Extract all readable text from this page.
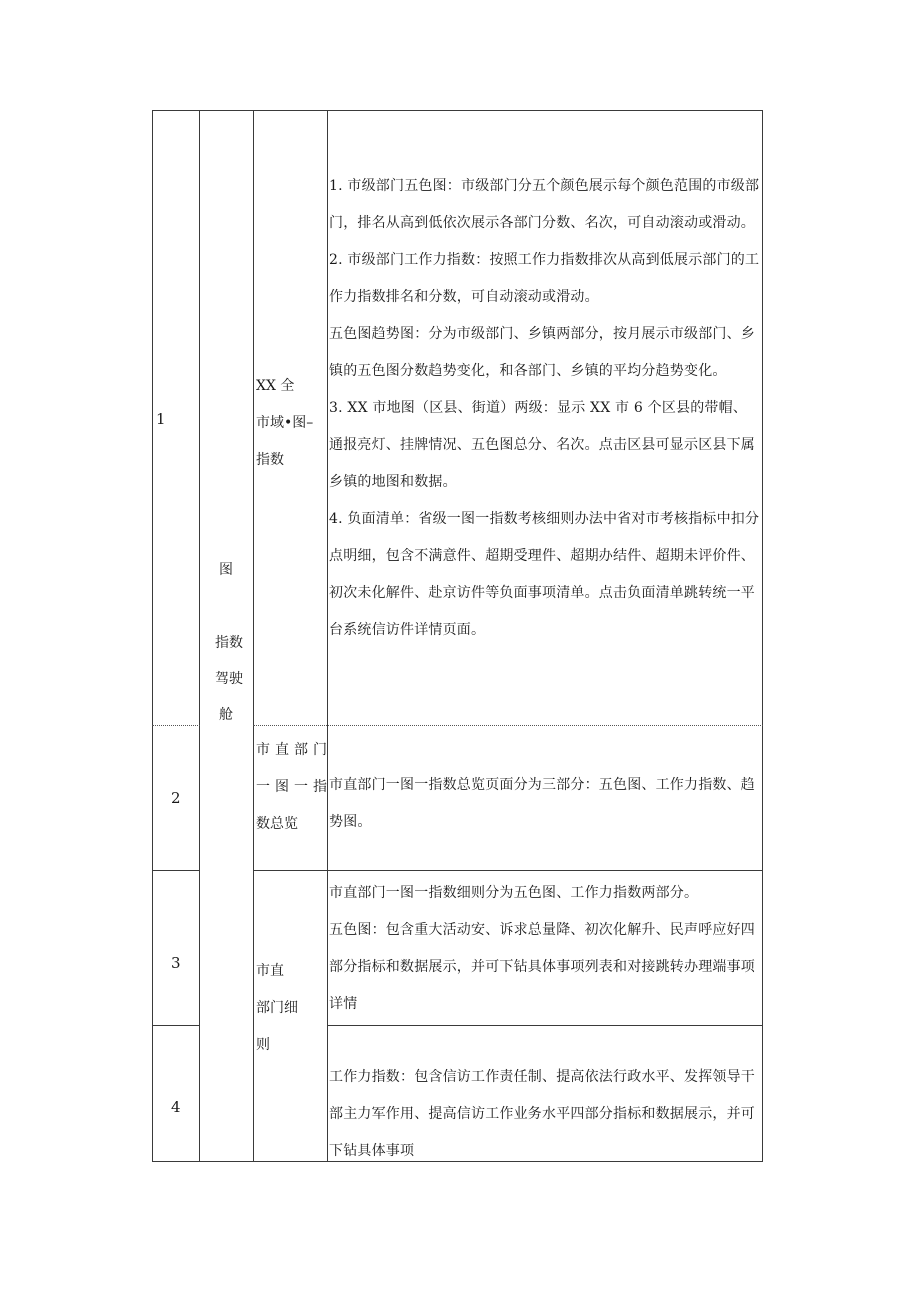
1
2
3
4
图
指数
驾驶
舱
XX 全
市域•图–
指数
市直部门
一图一指
数总览
市直
部门细
则

1. 市级部门五色图：市级部门分五个颜色展示每个颜色范围的市级部门，排名从高到低依次展示各部门分数、名次，可自动滚动或滑动。

2. 市级部门工作力指数：按照工作力指数排次从高到低展示部门的工作力指数排名和分数，可自动滚动或滑动。

五色图趋势图：分为市级部门、乡镇两部分，按月展示市级部门、乡镇的五色图分数趋势变化，和各部门、乡镇的平均分趋势变化。

3. XX 市地图（区县、街道）两级：显示 XX 市 6 个区县的带帽、通报亮灯、挂牌情况、五色图总分、名次。点击区县可显示区县下属乡镇的地图和数据。

4. 负面清单：省级一图一指数考核细则办法中省对市考核指标中扣分点明细，包含不满意件、超期受理件、超期办结件、超期未评价件、初次未化解件、赴京访件等负面事项清单。点击负面清单跳转统一平台系统信访件详情页面。

市直部门一图一指数总览页面分为三部分：五色图、工作力指数、趋势图。

市直部门一图一指数细则分为五色图、工作力指数两部分。

五色图：包含重大活动安、诉求总量降、初次化解升、民声呼应好四部分指标和数据展示，并可下钻具体事项列表和对接跳转办理端事项详情

工作力指数：包含信访工作责任制、提高依法行政水平、发挥领导干部主力军作用、提高信访工作业务水平四部分指标和数据展示，并可下钻具体事项
